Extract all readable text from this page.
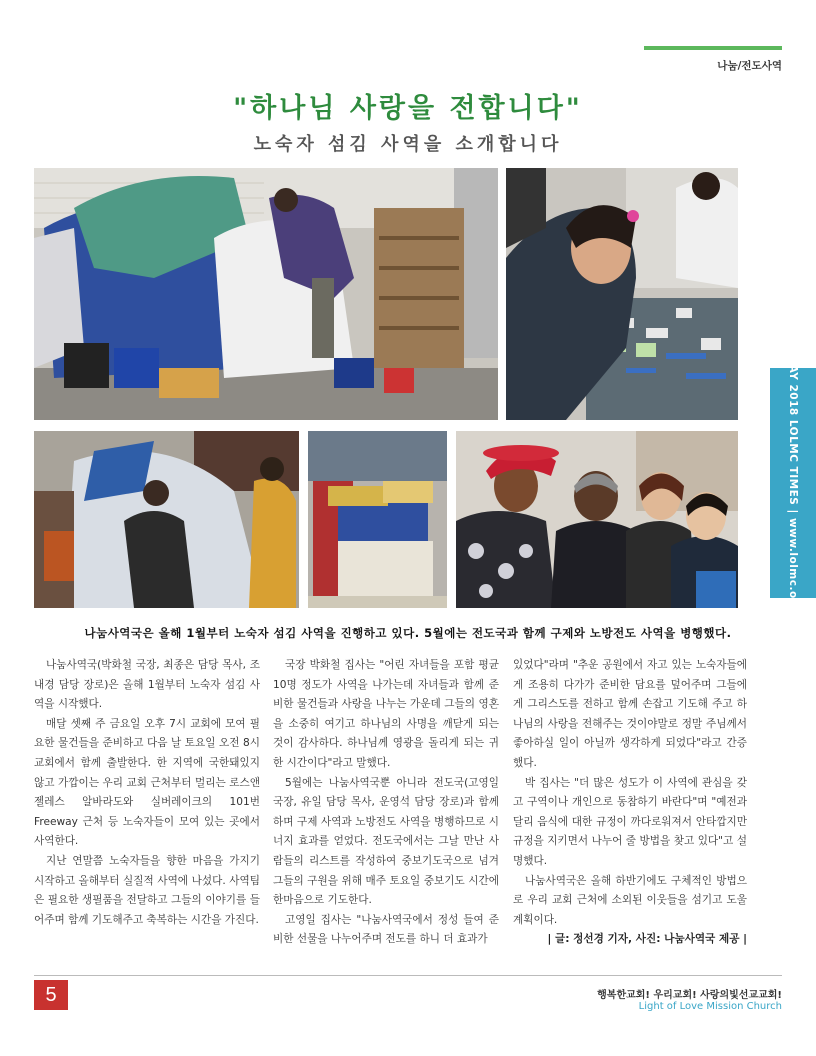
나눔/전도사역
"하나님 사랑을 전합니다"
노숙자 섬김 사역을 소개합니다
MAY 2018 LOLMC TIMES | www.lolmc.org
나눔사역국은 올해 1월부터 노숙자 섬김 사역을 진행하고 있다. 5월에는 전도국과 함께 구제와 노방전도 사역을 병행했다.

나눔사역국(박화철 국장, 최종은 담당 목사, 조내경 담당 장로)은 올해 1월부터 노숙자 섬김 사역을 시작했다.

매달 셋째 주 금요일 오후 7시 교회에 모여 필요한 물건들을 준비하고 다음 날 토요일 오전 8시 교회에서 함께 출발한다. 한 지역에 국한돼있지 않고 가깝이는 우리 교회 근처부터 멀리는 로스앤젤레스 알바라도와 실버레이크의 101번 Freeway 근처 등 노숙자들이 모여 있는 곳에서 사역한다.

지난 연말쯤 노숙자들을 향한 마음을 가지기 시작하고 올해부터 실질적 사역에 나섰다. 사역팀은 필요한 생필품을 전달하고 그들의 이야기를 들어주며 함께 기도해주고 축복하는 시간을 가진다.

국장 박화철 집사는 "어린 자녀들을 포함 평균 10명 정도가 사역을 나가는데 자녀들과 함께 준비한 물건들과 사랑을 나누는 가운데 그들의 영혼을 소중히 여기고 하나님의 사명을 깨닫게 되는 것이 감사하다. 하나님께 영광을 돌리게 되는 귀한 시간이다"라고 말했다.

5월에는 나눔사역국뿐 아니라 전도국(고영일 국장, 유일 담당 목사, 운영석 담당 장로)과 함께하며 구제 사역과 노방전도 사역을 병행하므로 시너지 효과를 얻었다. 전도국에서는 그날 만난 사람들의 리스트를 작성하여 중보기도국으로 넘겨 그들의 구원을 위해 매주 토요일 중보기도 시간에 한마음으로 기도한다.

고영일 집사는 "나눔사역국에서 정성 들여 준비한 선물을 나누어주며 전도를 하니 더 효과가

있었다"라며 "추운 공원에서 자고 있는 노숙자들에게 조용히 다가가 준비한 담요를 덮어주며 그들에게 그리스도를 전하고 함께 손잡고 기도해 주고 하나님의 사랑을 전해주는 것이야말로 정말 주님께서 좋아하실 일이 아닐까 생각하게 되었다"라고 간증했다.

박 집사는 "더 많은 성도가 이 사역에 관심을 갖고 구역이나 개인으로 동참하기 바란다"며 "예전과 달리 음식에 대한 규정이 까다로워져서 안타깝지만 규정을 지키면서 나누어 줄 방법을 찾고 있다"고 설명했다.

나눔사역국은 올해 하반기에도 구체적인 방법으로 우리 교회 근처에 소외된 이웃들을 섬기고 도울 계획이다.

| 글: 정선경 기자, 사진: 나눔사역국 제공 |

5	행복한교회! 우리교회! 사랑의빛선교교회!
Light of Love Mission Church
